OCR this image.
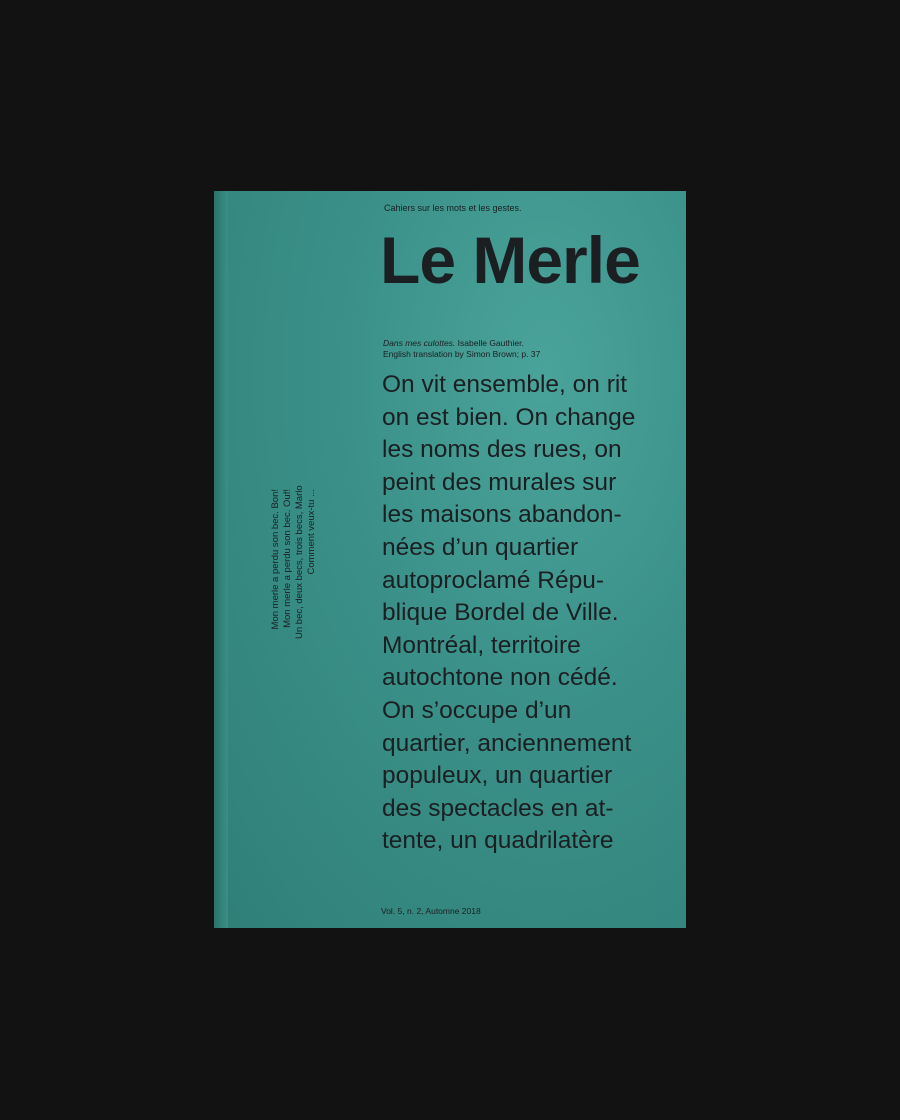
Cahiers sur les mots et les gestes.
Le Merle
Dans mes culottes. Isabelle Gauthier.
English translation by Simon Brown; p. 37
On vit ensemble, on rit
on est bien. On change
les noms des rues, on
peint des murales sur
les maisons abandon-
nées d’un quartier
autoproclamé Répu-
blique Bordel de Ville.
Montréal, territoire
autochtone non cédé.
On s’occupe d’un
quartier, anciennement
populeux, un quartier
des spectacles en at-
tente, un quadrilatère
Mon merle a perdu son bec. Bon! Mon merle a perdu son bec. Ouf! Un bec, deux becs, trois becs, Marlo Comment veux-tu ...
Vol. 5, n. 2, Automne 2018
